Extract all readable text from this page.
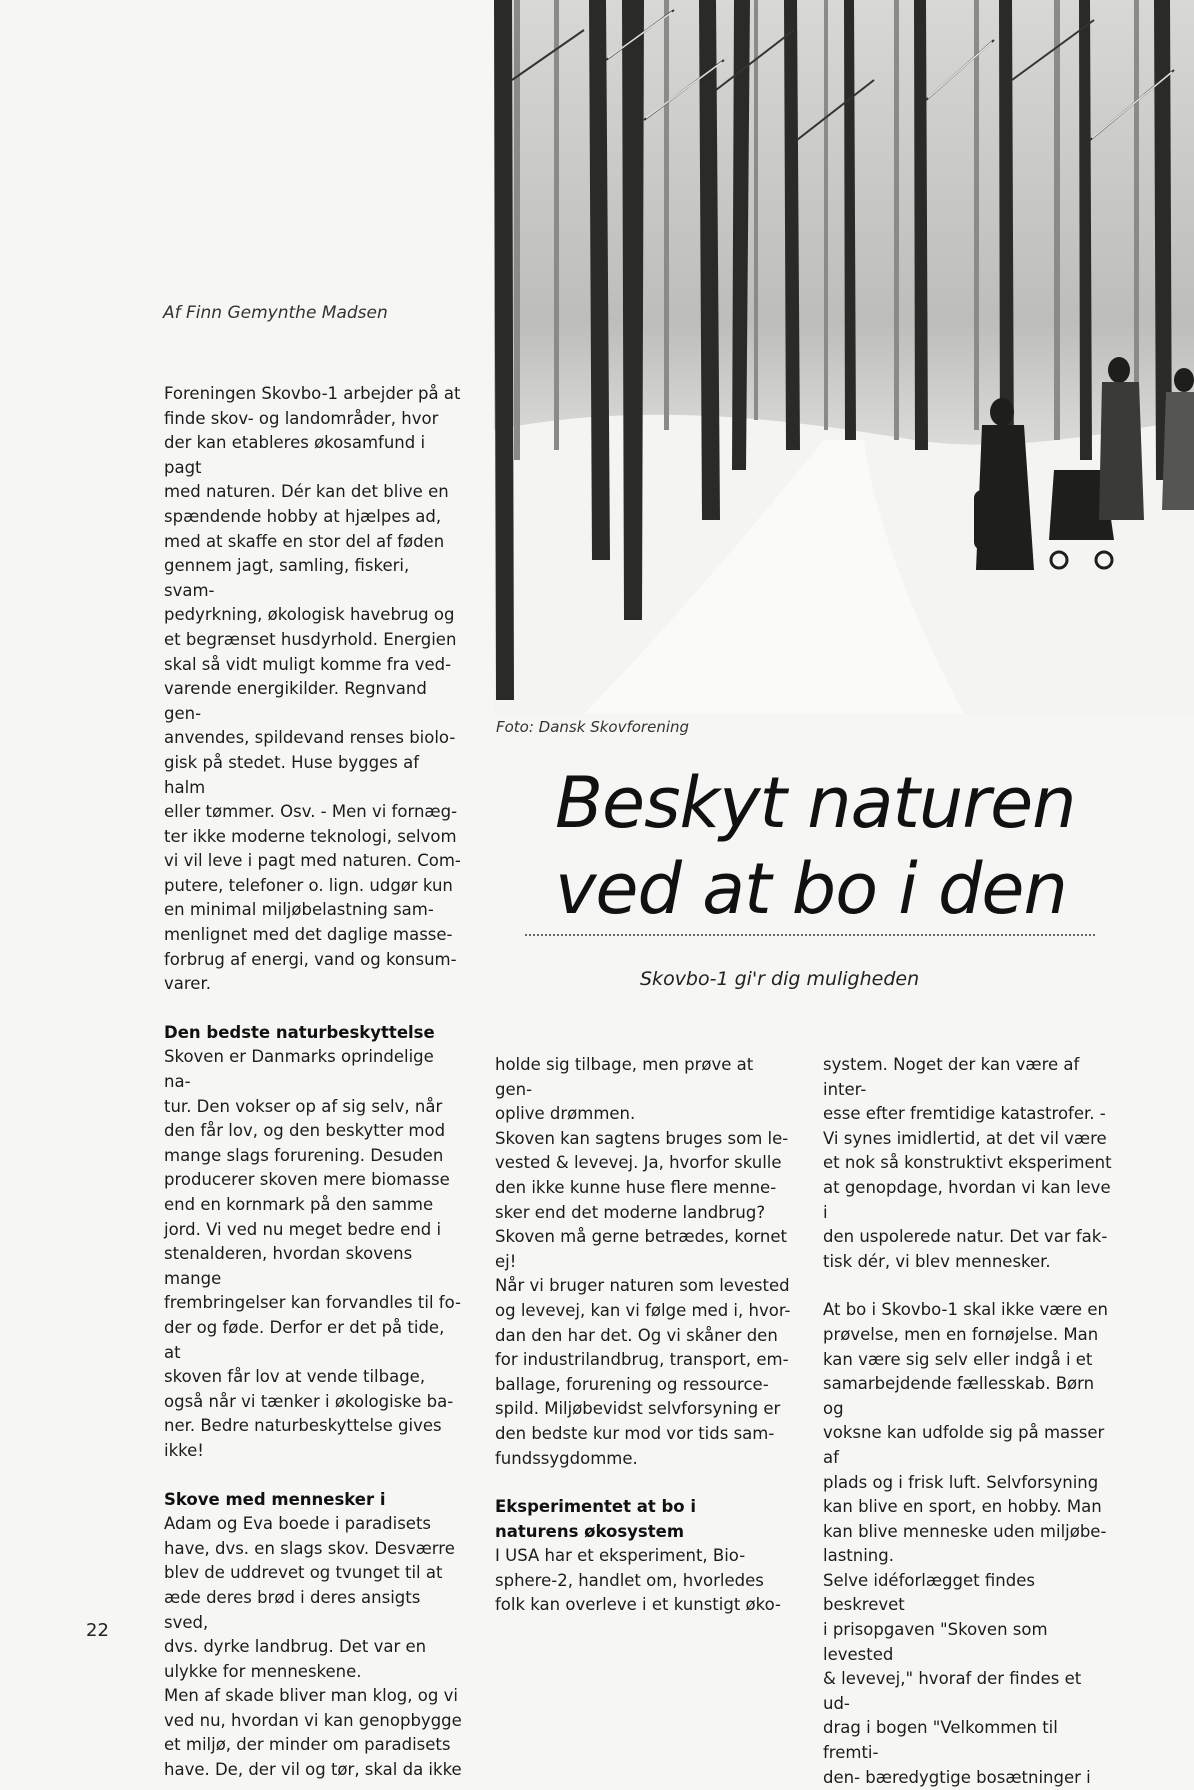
Af Finn Gemynthe Madsen
Foto: Dansk Skovforening
Beskyt naturen
ved at bo i den
Skovbo-1 gi'r dig muligheden

Foreningen Skovbo-1 arbejder på at
finde skov- og landområder, hvor
der kan etableres økosamfund i pagt
med naturen. Dér kan det blive en
spændende hobby at hjælpes ad,
med at skaffe en stor del af føden
gennem jagt, samling, fiskeri, svam-
pedyrkning, økologisk havebrug og
et begrænset husdyrhold. Energien
skal så vidt muligt komme fra ved-
varende energikilder. Regnvand gen-
anvendes, spildevand renses biolo-
gisk på stedet. Huse bygges af halm
eller tømmer. Osv. - Men vi fornæg-
ter ikke moderne teknologi, selvom
vi vil leve i pagt med naturen. Com-
putere, telefoner o. lign. udgør kun
en minimal miljøbelastning sam-
menlignet med det daglige masse-
forbrug af energi, vand og konsum-
varer.

Den bedste naturbeskyttelse

Skoven er Danmarks oprindelige na-
tur. Den vokser op af sig selv, når
den får lov, og den beskytter mod
mange slags forurening. Desuden
producerer skoven mere biomasse
end en kornmark på den samme
jord. Vi ved nu meget bedre end i
stenalderen, hvordan skovens mange
frembringelser kan forvandles til fo-
der og føde. Derfor er det på tide, at
skoven får lov at vende tilbage,
også når vi tænker i økologiske ba-
ner. Bedre naturbeskyttelse gives
ikke!

Skove med mennesker i

Adam og Eva boede i paradisets
have, dvs. en slags skov. Desværre
blev de uddrevet og tvunget til at
æde deres brød i deres ansigts sved,
dvs. dyrke landbrug. Det var en
ulykke for menneskene.
Men af skade bliver man klog, og vi
ved nu, hvordan vi kan genopbygge
et miljø, der minder om paradisets
have. De, der vil og tør, skal da ikke

holde sig tilbage, men prøve at gen-
oplive drømmen.
Skoven kan sagtens bruges som le-
vested & levevej. Ja, hvorfor skulle
den ikke kunne huse flere menne-
sker end det moderne landbrug?
Skoven må gerne betrædes, kornet
ej!
Når vi bruger naturen som levested
og levevej, kan vi følge med i, hvor-
dan den har det. Og vi skåner den
for industrilandbrug, transport, em-
ballage, forurening og ressource-
spild. Miljøbevidst selvforsyning er
den bedste kur mod vor tids sam-
fundssygdomme.

Eksperimentet at bo i
naturens økosystem

I USA har et eksperiment, Bio-
sphere-2, handlet om, hvorledes
folk kan overleve i et kunstigt øko-

system. Noget der kan være af inter-
esse efter fremtidige katastrofer. -
Vi synes imidlertid, at det vil være
et nok så konstruktivt eksperiment
at genopdage, hvordan vi kan leve i
den uspolerede natur. Det var fak-
tisk dér, vi blev mennesker.

At bo i Skovbo-1 skal ikke være en
prøvelse, men en fornøjelse. Man
kan være sig selv eller indgå i et
samarbejdende fællesskab. Børn og
voksne kan udfolde sig på masser af
plads og i frisk luft. Selvforsyning
kan blive en sport, en hobby. Man
kan blive menneske uden miljøbe-
lastning.
Selve idéforlægget findes beskrevet
i prisopgaven "Skoven som levested
& levevej," hvoraf der findes et ud-
drag i bogen "Velkommen til fremti-
den- bæredygtige bosætninger i

22
